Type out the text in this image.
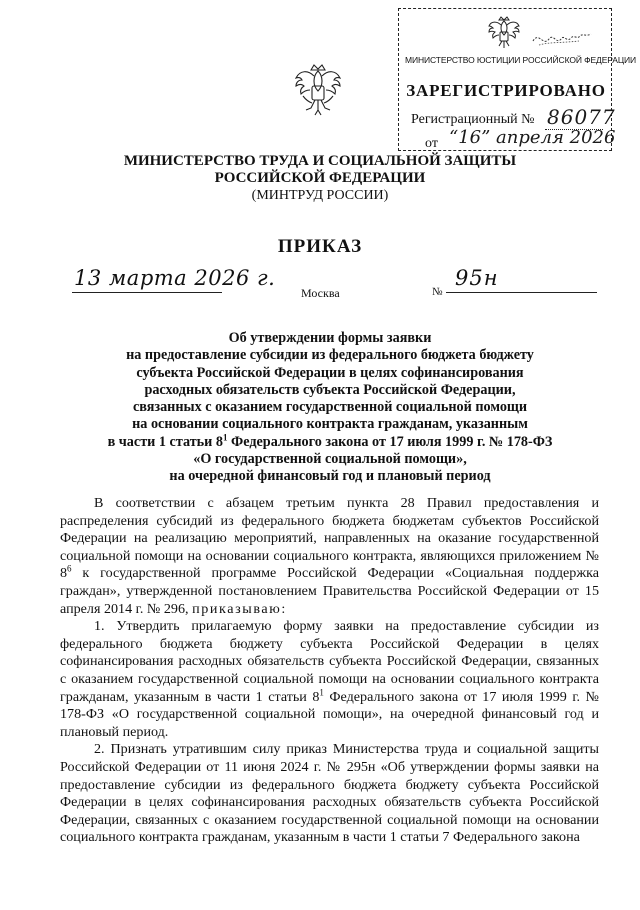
МИНИСТЕРСТВО ЮСТИЦИИ РОССИЙСКОЙ ФЕДЕРАЦИИ
ЗАРЕГИСТРИРОВАНО
Регистрационный № 86077
от “16” апреля 2026
МИНИСТЕРСТВО ТРУДА И СОЦИАЛЬНОЙ ЗАЩИТЫ
РОССИЙСКОЙ ФЕДЕРАЦИИ
(МИНТРУД РОССИИ)
ПРИКАЗ
13 марта 2026 г.
Москва	№
95н
Об утверждении формы заявки
на предоставление субсидии из федерального бюджета бюджету
субъекта Российской Федерации в целях софинансирования
расходных обязательств субъекта Российской Федерации,
связанных с оказанием государственной социальной помощи
на основании социального контракта гражданам, указанным
в части 1 статьи $8^1$ Федерального закона от 17 июля 1999 г. № 178-ФЗ
«О государственной социальной помощи»,
на очередной финансовый год и плановый период

В соответствии с абзацем третьим пункта 28 Правил предоставления и распределения субсидий из федерального бюджета бюджетам субъектов Российской Федерации на реализацию мероприятий, направленных на оказание государственной социальной помощи на основании социального контракта, являющихся приложением № $8^6$ к государственной программе Российской Федерации «Социальная поддержка граждан», утвержденной постановлением Правительства Российской Федерации от 15 апреля 2014 г. № 296, приказываю:

1. Утвердить прилагаемую форму заявки на предоставление субсидии из федерального бюджета бюджету субъекта Российской Федерации в целях софинансирования расходных обязательств субъекта Российской Федерации, связанных с оказанием государственной социальной помощи на основании социального контракта гражданам, указанным в части 1 статьи $8^1$ Федерального закона от 17 июля 1999 г. № 178-ФЗ «О государственной социальной помощи», на очередной финансовый год и плановый период.

2. Признать утратившим силу приказ Министерства труда и социальной защиты Российской Федерации от 11 июня 2024 г. № 295н «Об утверждении формы заявки на предоставление субсидии из федерального бюджета бюджету субъекта Российской Федерации в целях софинансирования расходных обязательств субъекта Российской Федерации, связанных с оказанием государственной социальной помощи на основании социального контракта гражданам, указанным в части 1 статьи 7 Федерального закона
